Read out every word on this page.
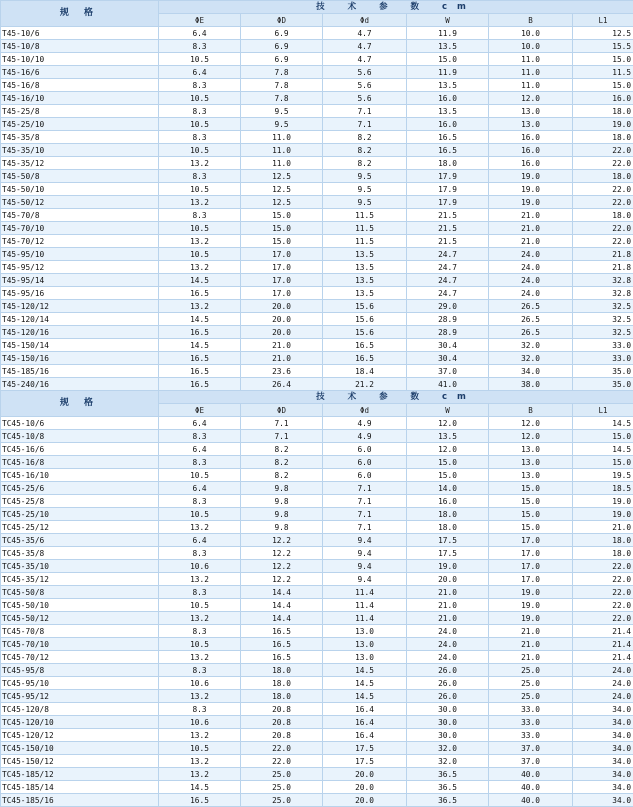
规 格	技 术 参 数 cm					
	ΦE	ΦD	Φd	W	B	L1
T45-10/6	6.4	6.9	4.7	11.9	10.0	12.5
T45-10/8	8.3	6.9	4.7	13.5	10.0	15.5
T45-10/10	10.5	6.9	4.7	15.0	11.0	15.0
T45-16/6	6.4	7.8	5.6	11.9	11.0	11.5
T45-16/8	8.3	7.8	5.6	13.5	11.0	15.0
T45-16/10	10.5	7.8	5.6	16.0	12.0	16.0
T45-25/8	8.3	9.5	7.1	13.5	13.0	18.0
T45-25/10	10.5	9.5	7.1	16.0	13.0	19.0
T45-35/8	8.3	11.0	8.2	16.5	16.0	18.0
T45-35/10	10.5	11.0	8.2	16.5	16.0	22.0
T45-35/12	13.2	11.0	8.2	18.0	16.0	22.0
T45-50/8	8.3	12.5	9.5	17.9	19.0	18.0
T45-50/10	10.5	12.5	9.5	17.9	19.0	22.0
T45-50/12	13.2	12.5	9.5	17.9	19.0	22.0
T45-70/8	8.3	15.0	11.5	21.5	21.0	18.0
T45-70/10	10.5	15.0	11.5	21.5	21.0	22.0
T45-70/12	13.2	15.0	11.5	21.5	21.0	22.0
T45-95/10	10.5	17.0	13.5	24.7	24.0	21.8
T45-95/12	13.2	17.0	13.5	24.7	24.0	21.8
T45-95/14	14.5	17.0	13.5	24.7	24.0	32.8
T45-95/16	16.5	17.0	13.5	24.7	24.0	32.8
T45-120/12	13.2	20.0	15.6	29.0	26.5	32.5
T45-120/14	14.5	20.0	15.6	28.9	26.5	32.5
T45-120/16	16.5	20.0	15.6	28.9	26.5	32.5
T45-150/14	14.5	21.0	16.5	30.4	32.0	33.0
T45-150/16	16.5	21.0	16.5	30.4	32.0	33.0
T45-185/16	16.5	23.6	18.4	37.0	34.0	35.0
T45-240/16	16.5	26.4	21.2	41.0	38.0	35.0
规 格	技 术 参 数 cm					
	ΦE	ΦD	Φd	W	B	L1
TC45-10/6	6.4	7.1	4.9	12.0	12.0	14.5
TC45-10/8	8.3	7.1	4.9	13.5	12.0	15.0
TC45-16/6	6.4	8.2	6.0	12.0	13.0	14.5
TC45-16/8	8.3	8.2	6.0	15.0	13.0	15.0
TC45-16/10	10.5	8.2	6.0	15.0	13.0	19.5
TC45-25/6	6.4	9.8	7.1	14.0	15.0	18.5
TC45-25/8	8.3	9.8	7.1	16.0	15.0	19.0
TC45-25/10	10.5	9.8	7.1	18.0	15.0	19.0
TC45-25/12	13.2	9.8	7.1	18.0	15.0	21.0
TC45-35/6	6.4	12.2	9.4	17.5	17.0	18.0
TC45-35/8	8.3	12.2	9.4	17.5	17.0	18.0
TC45-35/10	10.6	12.2	9.4	19.0	17.0	22.0
TC45-35/12	13.2	12.2	9.4	20.0	17.0	22.0
TC45-50/8	8.3	14.4	11.4	21.0	19.0	22.0
TC45-50/10	10.5	14.4	11.4	21.0	19.0	22.0
TC45-50/12	13.2	14.4	11.4	21.0	19.0	22.0
TC45-70/8	8.3	16.5	13.0	24.0	21.0	21.4
TC45-70/10	10.5	16.5	13.0	24.0	21.0	21.4
TC45-70/12	13.2	16.5	13.0	24.0	21.0	21.4
TC45-95/8	8.3	18.0	14.5	26.0	25.0	24.0
TC45-95/10	10.6	18.0	14.5	26.0	25.0	24.0
TC45-95/12	13.2	18.0	14.5	26.0	25.0	24.0
TC45-120/8	8.3	20.8	16.4	30.0	33.0	34.0
TC45-120/10	10.6	20.8	16.4	30.0	33.0	34.0
TC45-120/12	13.2	20.8	16.4	30.0	33.0	34.0
TC45-150/10	10.5	22.0	17.5	32.0	37.0	34.0
TC45-150/12	13.2	22.0	17.5	32.0	37.0	34.0
TC45-185/12	13.2	25.0	20.0	36.5	40.0	34.0
TC45-185/14	14.5	25.0	20.0	36.5	40.0	34.0
TC45-185/16	16.5	25.0	20.0	36.5	40.0	34.0
